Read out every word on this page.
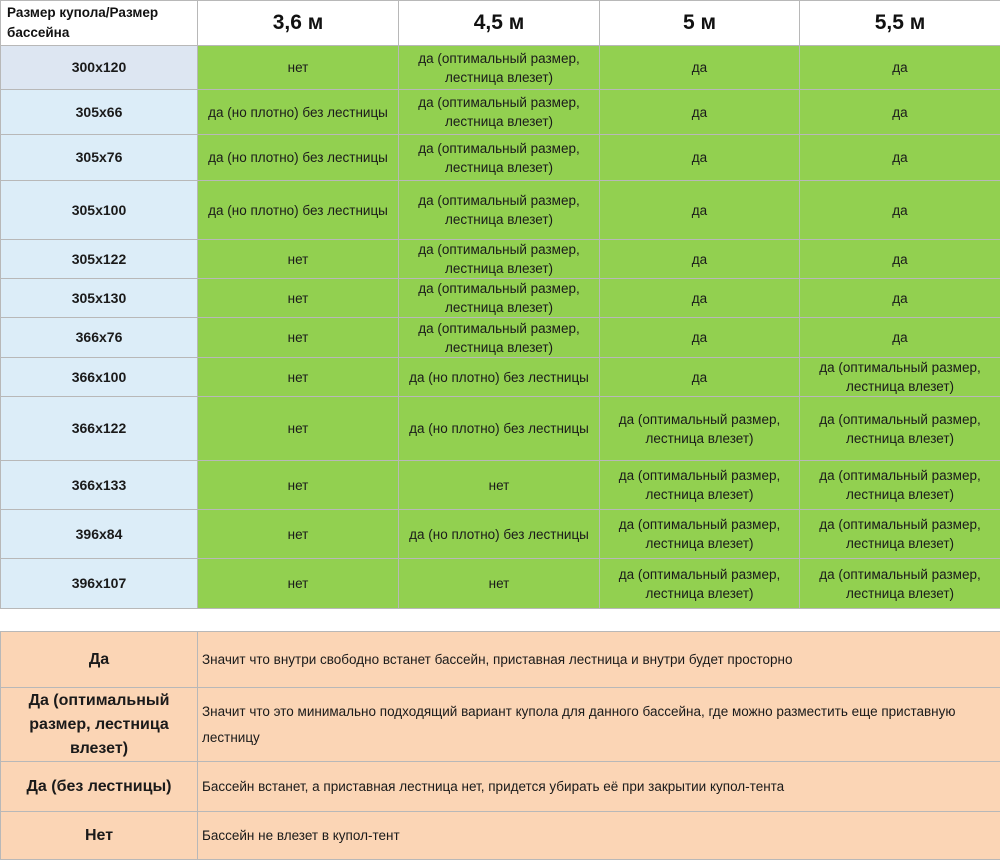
Размер купола/Размер бассейна	3,6 м	4,5 м	5 м	5,5 м
300x120	нет	да (оптимальный размер, лестница влезет)	да	да
305x66	да (но плотно) без лестницы	да (оптимальный размер, лестница влезет)	да	да
305x76	да (но плотно) без лестницы	да (оптимальный размер, лестница влезет)	да	да
305x100	да (но плотно) без лестницы	да (оптимальный размер, лестница влезет)	да	да
305x122	нет	да (оптимальный размер, лестница влезет)	да	да
305x130	нет	да (оптимальный размер, лестница влезет)	да	да
366x76	нет	да (оптимальный размер, лестница влезет)	да	да
366x100	нет	да (но плотно) без лестницы	да	да (оптимальный размер, лестница влезет)
366x122	нет	да (но плотно) без лестницы	да (оптимальный размер, лестница влезет)	да (оптимальный размер, лестница влезет)
366x133	нет	нет	да (оптимальный размер, лестница влезет)	да (оптимальный размер, лестница влезет)
396x84	нет	да (но плотно) без лестницы	да (оптимальный размер, лестница влезет)	да (оптимальный размер, лестница влезет)
396x107	нет	нет	да (оптимальный размер, лестница влезет)	да (оптимальный размер, лестница влезет)
Да	Значит что внутри свободно встанет бассейн, приставная лестница и внутри будет просторно
Да (оптимальный размер, лестница влезет)	Значит что это минимально подходящий вариант купола для данного бассейна, где можно разместить еще приставную лестницу
Да (без лестницы)	Бассейн встанет, а приставная лестница нет, придется убирать её при закрытии купол-тента
Нет	Бассейн не влезет в купол-тент
